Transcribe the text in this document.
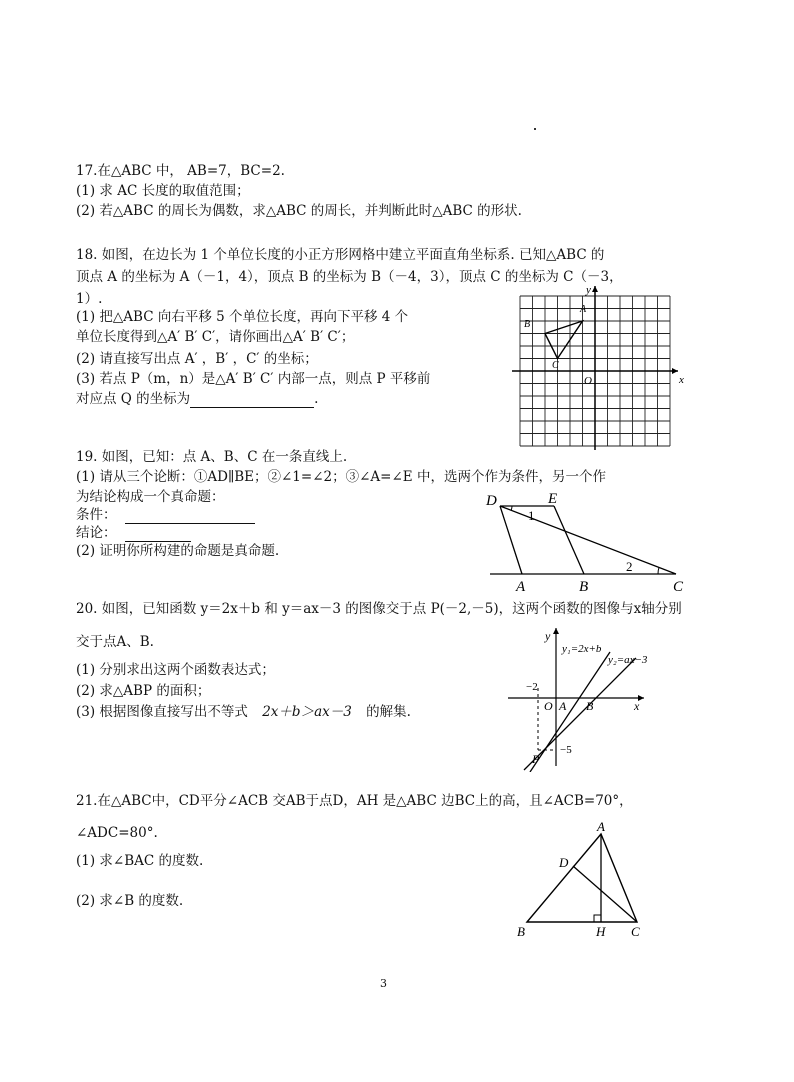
17.在△ABC 中， AB=7，BC=2.
(1) 求 AC 长度的取值范围；
(2) 若△ABC 的周长为偶数，求△ABC 的周长，并判断此时△ABC 的形状.
18. 如图，在边长为 1 个单位长度的小正方形网格中建立平面直角坐标系. 已知△ABC 的
顶点 A 的坐标为 A（－1，4），顶点 B 的坐标为 B（－4，3），顶点 C 的坐标为 C（－3，
1）.
(1) 把△ABC 向右平移 5 个单位长度，再向下平移 4 个
单位长度得到△A′ B′ C′，请你画出△A′ B′ C′；
(2) 请直接写出点 A′ ，B′ ，C′ 的坐标；
(3) 若点 P（m，n）是△A′ B′ C′ 内部一点，则点 P 平移前
对应点 Q 的坐标为	.
x
y
O
A
B
C
19. 如图，已知：点 A、B、C 在一条直线上.
(1) 请从三个论断：①AD∥BE；②∠1=∠2；③∠A=∠E 中，选两个作为条件，另一个作
为结论构成一个真命题：
条件：
结论：
(2) 证明你所构建的命题是真命题.
D	E
A	B	C
1
2
20. 如图，已知函数 y＝2x＋b 和 y＝ax－3 的图像交于点 P(－2,－5)，这两个函数的图像与x轴分别
交于点A、B.
(1) 分别求出这两个函数表达式；
(2) 求△ABP 的面积；
(3) 根据图像直接写出不等式 2x＋b＞ax－3 的解集.
y
x
O A B
P
−2
−5
y₁=2x+b
y₂=ax−3
21.在△ABC中，CD平分∠ACB 交AB于点D，AH 是△ABC 边BC上的高，且∠ACB=70°，
∠ADC=80°.
(1) 求∠BAC 的度数.
(2) 求∠B 的度数.
A
B	C
D
H
3
